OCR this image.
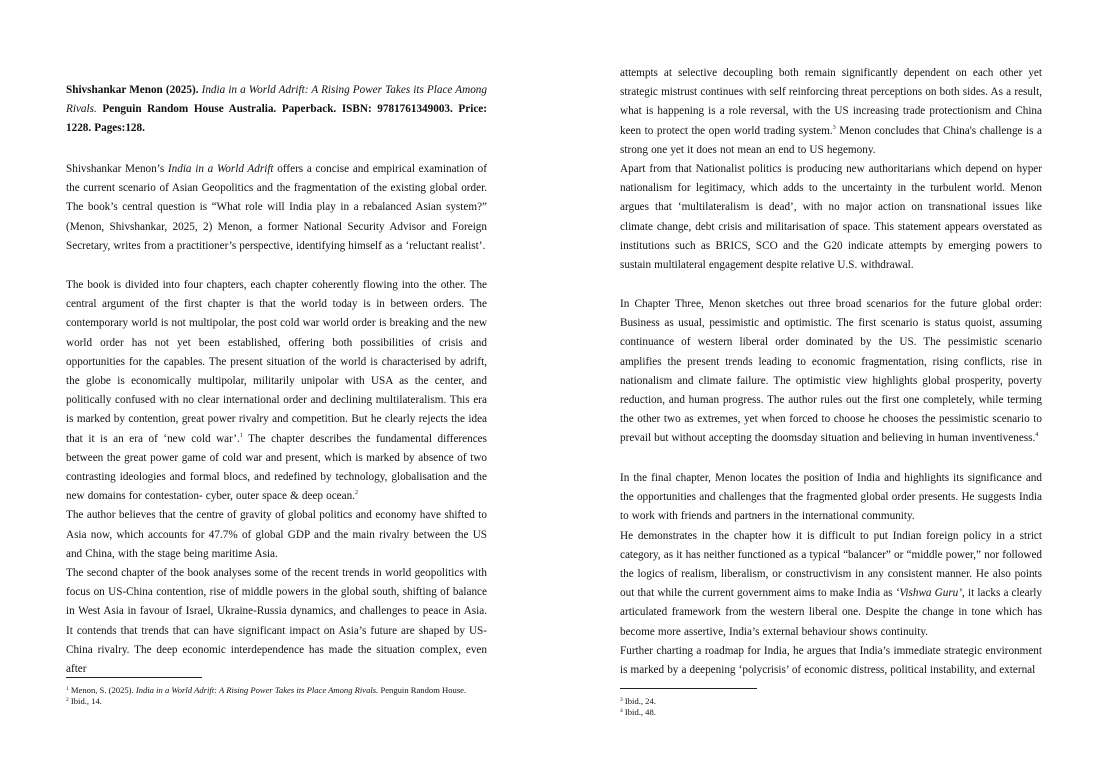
Shivshankar Menon (2025). India in a World Adrift: A Rising Power Takes its Place Among Rivals. Penguin Random House Australia. Paperback. ISBN: 9781761349003. Price: 1228. Pages:128.

Shivshankar Menon’s India in a World Adrift offers a concise and empirical examination of the current scenario of Asian Geopolitics and the fragmentation of the existing global order. The book’s central question is “What role will India play in a rebalanced Asian system?” (Menon, Shivshankar, 2025, 2) Menon, a former National Security Advisor and Foreign Secretary, writes from a practitioner’s perspective, identifying himself as a ‘reluctant realist’.

The book is divided into four chapters, each chapter coherently flowing into the other. The central argument of the first chapter is that the world today is in between orders. The contemporary world is not multipolar, the post cold war world order is breaking and the new world order has not yet been established, offering both possibilities of crisis and opportunities for the capables. The present situation of the world is characterised by adrift, the globe is economically multipolar, militarily unipolar with USA as the center, and politically confused with no clear international order and declining multilateralism. This era is marked by contention, great power rivalry and competition. But he clearly rejects the idea that it is an era of ‘new cold war’.$^1$ The chapter describes the fundamental differences between the great power game of cold war and present, which is marked by absence of two contrasting ideologies and formal blocs, and redefined by technology, globalisation and the new domains for contestation- cyber, outer space & deep ocean.$^2$

The author believes that the centre of gravity of global politics and economy have shifted to Asia now, which accounts for 47.7% of global GDP and the main rivalry between the US and China, with the stage being maritime Asia.

The second chapter of the book analyses some of the recent trends in world geopolitics with focus on US-China contention, rise of middle powers in the global south, shifting of balance in West Asia in favour of Israel, Ukraine-Russia dynamics, and challenges to peace in Asia. It contends that trends that can have significant impact on Asia’s future are shaped by US-China rivalry. The deep economic interdependence has made the situation complex, even after

$^1$ Menon, S. (2025). India in a World Adrift: A Rising Power Takes its Place Among Rivals. Penguin Random House.
$^2$ Ibid., 14.

attempts at selective decoupling both remain significantly dependent on each other yet strategic mistrust continues with self reinforcing threat perceptions on both sides. As a result, what is happening is a role reversal, with the US increasing trade protectionism and China keen to protect the open world trading system.$^3$ Menon concludes that China's challenge is a strong one yet it does not mean an end to US hegemony.

Apart from that Nationalist politics is producing new authoritarians which depend on hyper nationalism for legitimacy, which adds to the uncertainty in the turbulent world. Menon argues that ‘multilateralism is dead’, with no major action on transnational issues like climate change, debt crisis and militarisation of space. This statement appears overstated as institutions such as BRICS, SCO and the G20 indicate attempts by emerging powers to sustain multilateral engagement despite relative U.S. withdrawal.

In Chapter Three, Menon sketches out three broad scenarios for the future global order: Business as usual, pessimistic and optimistic. The first scenario is status quoist, assuming continuance of western liberal order dominated by the US. The pessimistic scenario amplifies the present trends leading to economic fragmentation, rising conflicts, rise in nationalism and climate failure. The optimistic view highlights global prosperity, poverty reduction, and human progress. The author rules out the first one completely, while terming the other two as extremes, yet when forced to choose he chooses the pessimistic scenario to prevail but without accepting the doomsday situation and believing in human inventiveness.$^4$

In the final chapter, Menon locates the position of India and highlights its significance and the opportunities and challenges that the fragmented global order presents. He suggests India to work with friends and partners in the international community.

He demonstrates in the chapter how it is difficult to put Indian foreign policy in a strict category, as it has neither functioned as a typical “balancer” or “middle power,” nor followed the logics of realism, liberalism, or constructivism in any consistent manner. He also points out that while the current government aims to make India as ‘Vishwa Guru’, it lacks a clearly articulated framework from the western liberal one. Despite the change in tone which has become more assertive, India’s external behaviour shows continuity.

Further charting a roadmap for India, he argues that India’s immediate strategic environment is marked by a deepening ‘polycrisis’ of economic distress, political instability, and external

$^3$ Ibid., 24.
$^4$ Ibid., 48.
